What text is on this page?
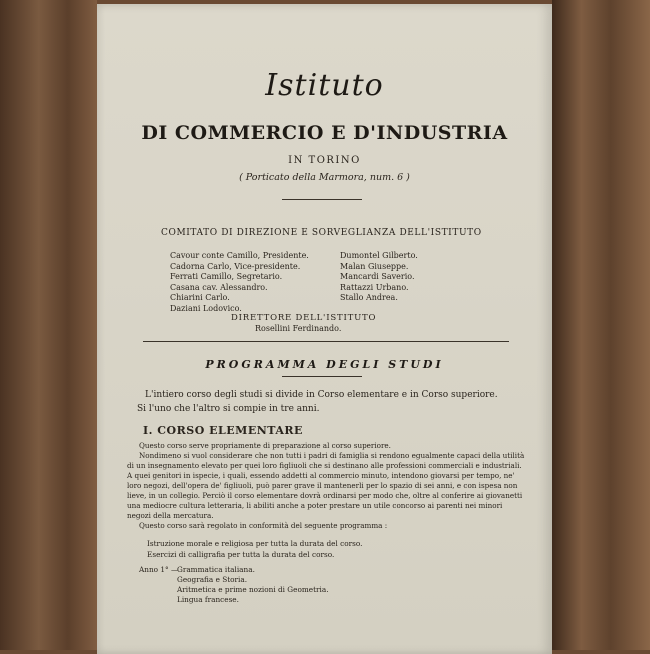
Istituto
DI COMMERCIO E D'INDUSTRIA
IN TORINO
( Porticato della Marmora, num. 6 )
COMITATO DI DIREZIONE E SORVEGLIANZA DELL'ISTITUTO
Cavour conte Camillo, Presidente.
Cadorna Carlo, Vice-presidente.
Ferrati Camillo, Segretario.
Casana cav. Alessandro.
Chiarini Carlo.
Daziani Lodovico.
Dumontel Gilberto.
Malan Giuseppe.
Mancardi Saverio.
Rattazzi Urbano.
Stallo Andrea.
DIRETTORE DELL'ISTITUTO
Rosellini Ferdinando.
PROGRAMMA DEGLI STUDI
L'intiero corso degli studi si divide in Corso elementare e in Corso superiore.
Si l'uno che l'altro si compie in tre anni.
I. CORSO ELEMENTARE

Questo corso serve propriamente di preparazione al corso superiore.

Nondimeno si vuol considerare che non tutti i padri di famiglia si rendono egualmente capaci della utilità di un insegnamento elevato per quei loro figliuoli che si destinano alle professioni commerciali e industriali. A quei genitori in ispecie, i quali, essendo addetti al commercio minuto, intendono giovarsi per tempo, ne' loro negozi, dell'opera de' figliuoli, può parer grave il mantenerli per lo spazio di sei anni, e con ispesa non lieve, in un collegio. Perciò il corso elementare dovrà ordinarsi per modo che, oltre al conferire ai giovanetti una mediocre cultura letteraria, li abiliti anche a poter prestare un utile concorso ai parenti nei minori negozi della mercatura.

Questo corso sarà regolato in conformità del seguente programma :

Istruzione morale e religiosa per tutta la durata del corso.
Esercizi di calligrafia per tutta la durata del corso.
Anno 1° —
Grammatica italiana.
Geografia e Storia.
Aritmetica e prime nozioni di Geometria.
Lingua francese.
